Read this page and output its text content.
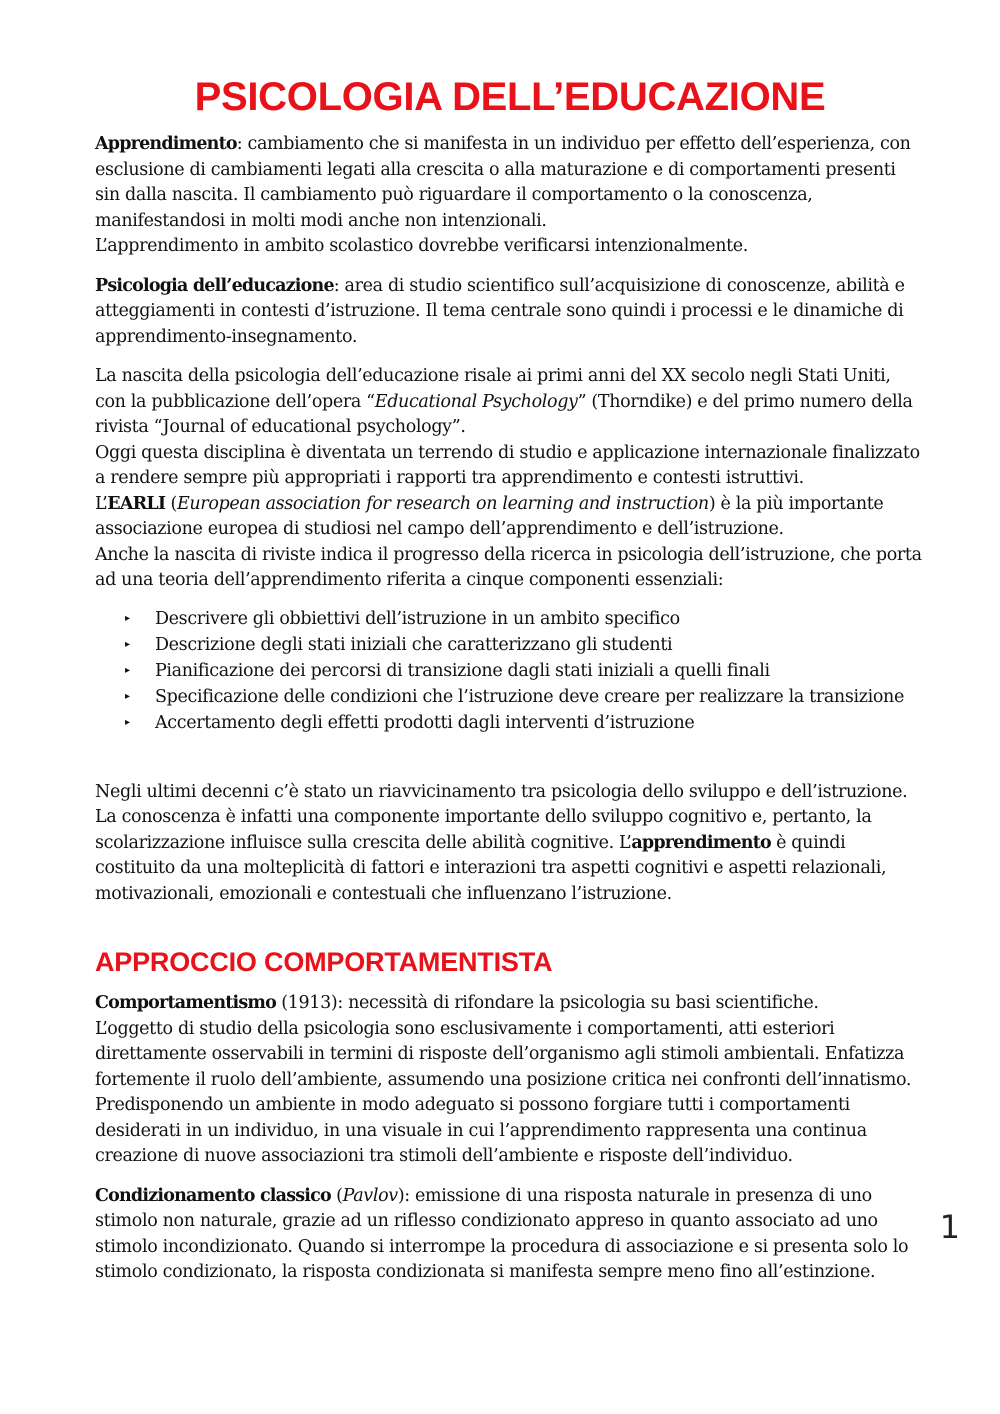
PSICOLOGIA DELL’EDUCAZIONE

Apprendimento: cambiamento che si manifesta in un individuo per effetto dell’esperienza, con esclusione di cambiamenti legati alla crescita o alla maturazione e di comportamenti presenti sin dalla nascita. Il cambiamento può riguardare il comportamento o la conoscenza, manifestandosi in molti modi anche non intenzionali.
L’apprendimento in ambito scolastico dovrebbe verificarsi intenzionalmente.

Psicologia dell’educazione: area di studio scientifico sull’acquisizione di conoscenze, abilità e atteggiamenti in contesti d’istruzione. Il tema centrale sono quindi i processi e le dinamiche di apprendimento-insegnamento.

La nascita della psicologia dell’educazione risale ai primi anni del XX secolo negli Stati Uniti, con la pubblicazione dell’opera “Educational Psychology” (Thorndike) e del primo numero della rivista “Journal of educational psychology”.
Oggi questa disciplina è diventata un terrendo di studio e applicazione internazionale finalizzato a rendere sempre più appropriati i rapporti tra apprendimento e contesti istruttivi.
L’EARLI (European association for research on learning and instruction) è la più importante associazione europea di studiosi nel campo dell’apprendimento e dell’istruzione.
Anche la nascita di riviste indica il progresso della ricerca in psicologia dell’istruzione, che porta ad una teoria dell’apprendimento riferita a cinque componenti essenziali:

▸ Descrivere gli obbiettivi dell’istruzione in un ambito specifico
▸ Descrizione degli stati iniziali che caratterizzano gli studenti
▸ Pianificazione dei percorsi di transizione dagli stati iniziali a quelli finali
▸ Specificazione delle condizioni che l’istruzione deve creare per realizzare la transizione
▸ Accertamento degli effetti prodotti dagli interventi d’istruzione

Negli ultimi decenni c’è stato un riavvicinamento tra psicologia dello sviluppo e dell’istruzione. La conoscenza è infatti una componente importante dello sviluppo cognitivo e, pertanto, la scolarizzazione influisce sulla crescita delle abilità cognitive. L’apprendimento è quindi costituito da una molteplicità di fattori e interazioni tra aspetti cognitivi e aspetti relazionali, motivazionali, emozionali e contestuali che influenzano l’istruzione.

APPROCCIO COMPORTAMENTISTA

Comportamentismo (1913): necessità di rifondare la psicologia su basi scientifiche.
L’oggetto di studio della psicologia sono esclusivamente i comportamenti, atti esteriori direttamente osservabili in termini di risposte dell’organismo agli stimoli ambientali. Enfatizza fortemente il ruolo dell’ambiente, assumendo una posizione critica nei confronti dell’innatismo. Predisponendo un ambiente in modo adeguato si possono forgiare tutti i comportamenti desiderati in un individuo, in una visuale in cui l’apprendimento rappresenta una continua creazione di nuove associazioni tra stimoli dell’ambiente e risposte dell’individuo.

Condizionamento classico (Pavlov): emissione di una risposta naturale in presenza di uno stimolo non naturale, grazie ad un riflesso condizionato appreso in quanto associato ad uno stimolo incondizionato. Quando si interrompe la procedura di associazione e si presenta solo lo stimolo condizionato, la risposta condizionata si manifesta sempre meno fino all’estinzione.

1
